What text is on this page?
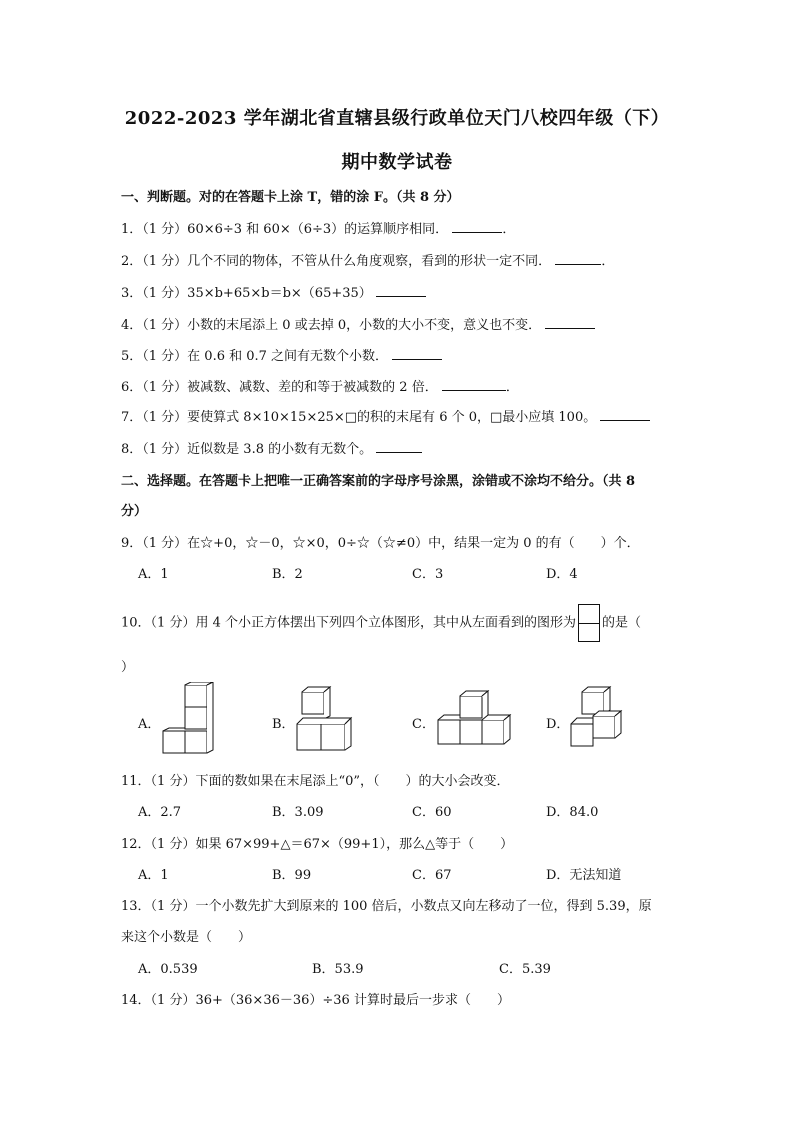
2022-2023 学年湖北省直辖县级行政单位天门八校四年级（下）
期中数学试卷
一、判断题。对的在答题卡上涂 T，错的涂 F。（共 8 分）
1．（1 分）60×6÷3 和 60×（6÷3）的运算顺序相同．	．
2．（1 分）几个不同的物体，不管从什么角度观察，看到的形状一定不同．	．
3．（1 分）35×b+65×b＝b×（65+35）
4．（1 分）小数的末尾添上 0 或去掉 0，小数的大小不变，意义也不变．
5．（1 分）在 0.6 和 0.7 之间有无数个小数．
6．（1 分）被减数、减数、差的和等于被减数的 2 倍．	．
7．（1 分）要使算式 8×10×15×25×□的积的末尾有 6 个 0，□最小应填 100。
8．（1 分）近似数是 3.8 的小数有无数个。
二、选择题。在答题卡上把唯一正确答案前的字母序号涂黑，涂错或不涂均不给分。（共 8
分）
9．（1 分）在☆+0，☆－0，☆×0，0÷☆（☆≠0）中，结果一定为 0 的有（　　）个．
A．1	B．2	C．3	D．4
10．（1 分）用 4 个小正方体摆出下列四个立体图形，其中从左面看到的图形为 的是（
）
A．	B．	C．	D．
11．（1 分）下面的数如果在末尾添上“0”，（　　）的大小会改变．
A．2.7	B．3.09	C．60	D．84.0
12．（1 分）如果 67×99+△＝67×（99+1），那么△等于（　　）
A．1	B．99	C．67	D．无法知道
13．（1 分）一个小数先扩大到原来的 100 倍后，小数点又向左移动了一位，得到 5.39，原
来这个小数是（　　）
A．0.539	B．53.9	C．5.39
14．（1 分）36+（36×36－36）÷36 计算时最后一步求（　　）
